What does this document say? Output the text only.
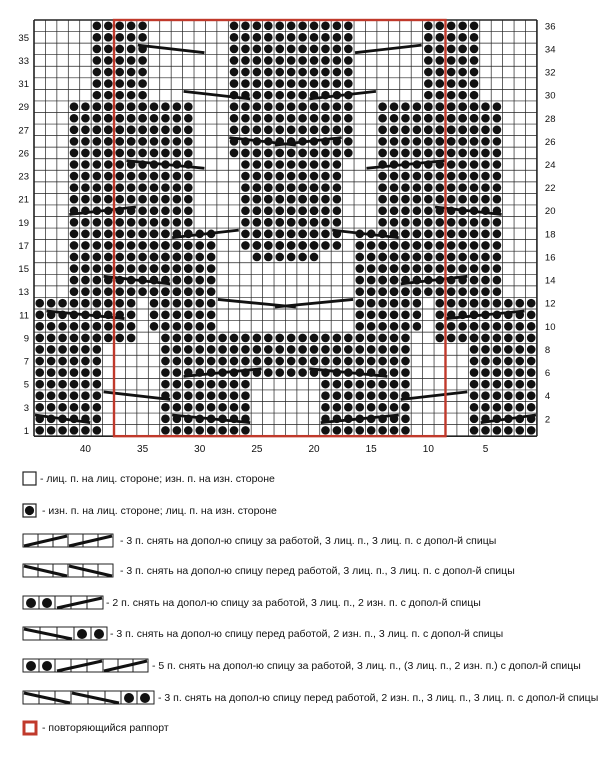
35
33
31
29
27
26
23
21
19
17
15
13
11
9
7
5
3
1
36
34
32
30
28
26
24
22
20
18
16
14
12
10
8
6
4
2
40	35	30	25	20	15	10	5
- лиц. п. на лиц. стороне; изн. п. на изн. стороне
- изн. п. на лиц. стороне; лиц. п. на изн. стороне
- 3 п. снять на допол-ю спицу за работой, 3 лиц. п., 3 лиц. п. с допол-й спицы
- 3 п. снять на допол-ю спицу перед работой, 3 лиц. п., 3 лиц. п. с допол-й спицы
- 2 п. снять на допол-ю спицу за работой, 3 лиц. п., 2 изн. п. с допол-й спицы
- 3 п. снять на допол-ю спицу перед работой, 2 изн. п., 3 лиц. п. с допол-й спицы
- 5 п. снять на допол-ю спицу за работой, 3 лиц. п., (3 лиц. п., 2 изн. п.) с допол-й спицы
- 3 п. снять на допол-ю спицу перед работой, 2 изн. п., 3 лиц. п., 3 лиц. п. с допол-й спицы
- повторяющийся раппорт
